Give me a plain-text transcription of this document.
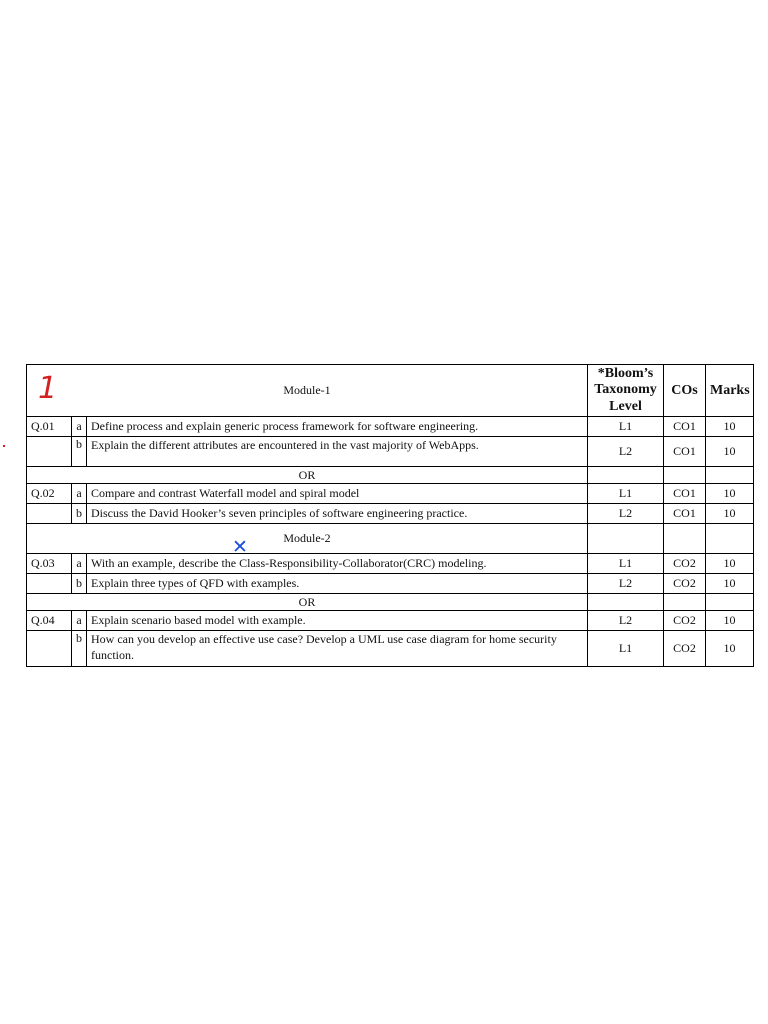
1	Module-1			*Bloom’s Taxonomy Level	COs	Marks
Q.01	a	Define process and explain generic process framework for software engineering.	L1	CO1	10
	b	Explain the different attributes are encountered in the vast majority of WebApps.	L2	CO1	10
OR					
Q.02	a	Compare and contrast Waterfall model and spiral model	L1	CO1	10
	b	Discuss the David Hooker’s seven principles of software engineering practice.	L2	CO1	10
Module-2					
Q.03	a	With an example, describe the Class-Responsibility-Collaborator(CRC) modeling.	L1	CO2	10
	b	Explain three types of QFD with examples.	L2	CO2	10
OR					
Q.04	a	Explain scenario based model with example.	L2	CO2	10
	b	How can you develop an effective use case? Develop a UML use case diagram for home security function.	L1	CO2	10
✕
